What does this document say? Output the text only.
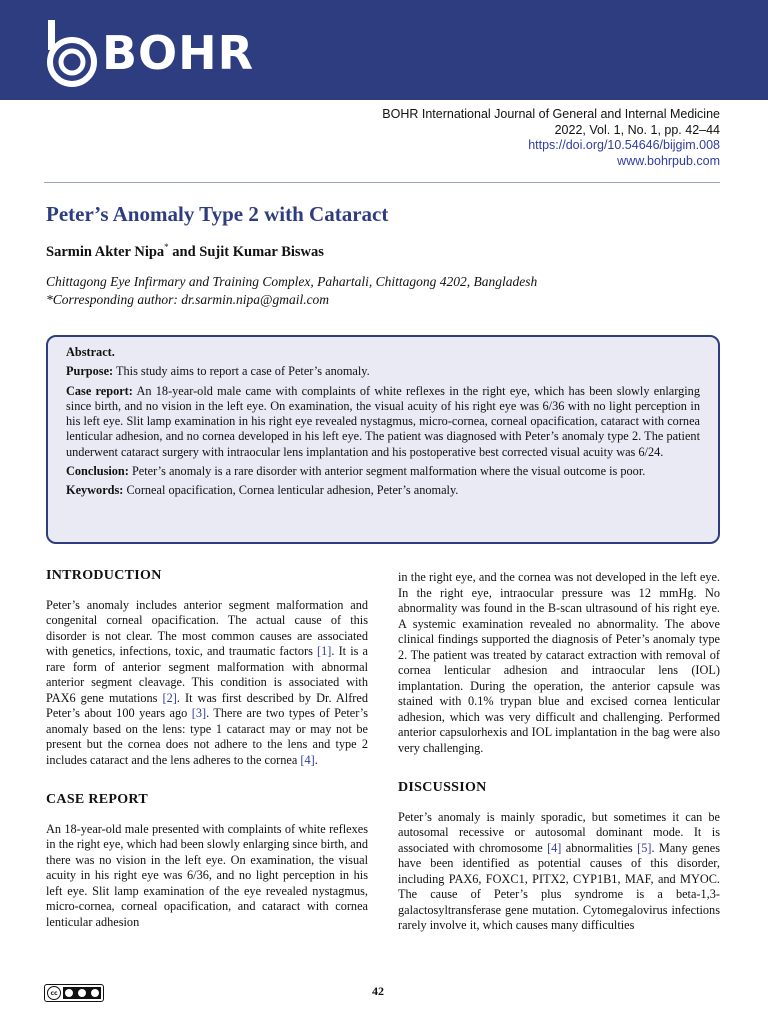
BOHR
BOHR International Journal of General and Internal Medicine
2022, Vol. 1, No. 1, pp. 42–44
https://doi.org/10.54646/bijgim.008
www.bohrpub.com
Peter’s Anomaly Type 2 with Cataract
Sarmin Akter Nipa* and Sujit Kumar Biswas
Chittagong Eye Infirmary and Training Complex, Pahartali, Chittagong 4202, Bangladesh
*Corresponding author: dr.sarmin.nipa@gmail.com

Abstract.

Purpose: This study aims to report a case of Peter’s anomaly.

Case report: An 18-year-old male came with complaints of white reflexes in the right eye, which has been slowly enlarging since birth, and no vision in the left eye. On examination, the visual acuity of his right eye was 6/36 with no light perception in his left eye. Slit lamp examination in his right eye revealed nystagmus, micro-cornea, corneal opacification, cataract with cornea lenticular adhesion, and no cornea developed in his left eye. The patient was diagnosed with Peter’s anomaly type 2. The patient underwent cataract surgery with intraocular lens implantation and his postoperative best corrected visual acuity was 6/24.

Conclusion: Peter’s anomaly is a rare disorder with anterior segment malformation where the visual outcome is poor.

Keywords: Corneal opacification, Cornea lenticular adhesion, Peter’s anomaly.

INTRODUCTION

Peter’s anomaly includes anterior segment malformation and congenital corneal opacification. The actual cause of this disorder is not clear. The most common causes are associated with genetics, infections, toxic, and traumatic factors [1]. It is a rare form of anterior segment malformation with abnormal anterior segment cleavage. This condition is associated with PAX6 gene mutations [2]. It was first described by Dr. Alfred Peter’s about 100 years ago [3]. There are two types of Peter’s anomaly based on the lens: type 1 cataract may or may not be present but the cornea does not adhere to the lens and type 2 includes cataract and the lens adheres to the cornea [4].

CASE REPORT

An 18-year-old male presented with complaints of white reflexes in the right eye, which had been slowly enlarging since birth, and there was no vision in the left eye. On examination, the visual acuity in his right eye was 6/36, and no light perception in his left eye. Slit lamp examination of the eye revealed nystagmus, micro-cornea, corneal opacification, and cataract with cornea lenticular adhesion

in the right eye, and the cornea was not developed in the left eye. In the right eye, intraocular pressure was 12 mmHg. No abnormality was found in the B-scan ultrasound of his right eye. A systemic examination revealed no abnormality. The above clinical findings supported the diagnosis of Peter’s anomaly type 2. The patient was treated by cataract extraction with removal of cornea lenticular adhesion and intraocular lens (IOL) implantation. During the operation, the anterior capsule was stained with 0.1% trypan blue and excised cornea lenticular adhesion, which was very difficult and challenging. Performed anterior capsulorhexis and IOL implantation in the bag were also very challenging.

DISCUSSION

Peter’s anomaly is mainly sporadic, but sometimes it can be autosomal recessive or autosomal dominant mode. It is associated with chromosome [4] abnormalities [5]. Many genes have been identified as potential causes of this disorder, including PAX6, FOXC1, PITX2, CYP1B1, MAF, and MYOC. The cause of Peter’s plus syndrome is a beta-1,3-galactosyltransferase gene mutation. Cytomegalovirus infections rarely involve it, which causes many difficulties

cc	42
